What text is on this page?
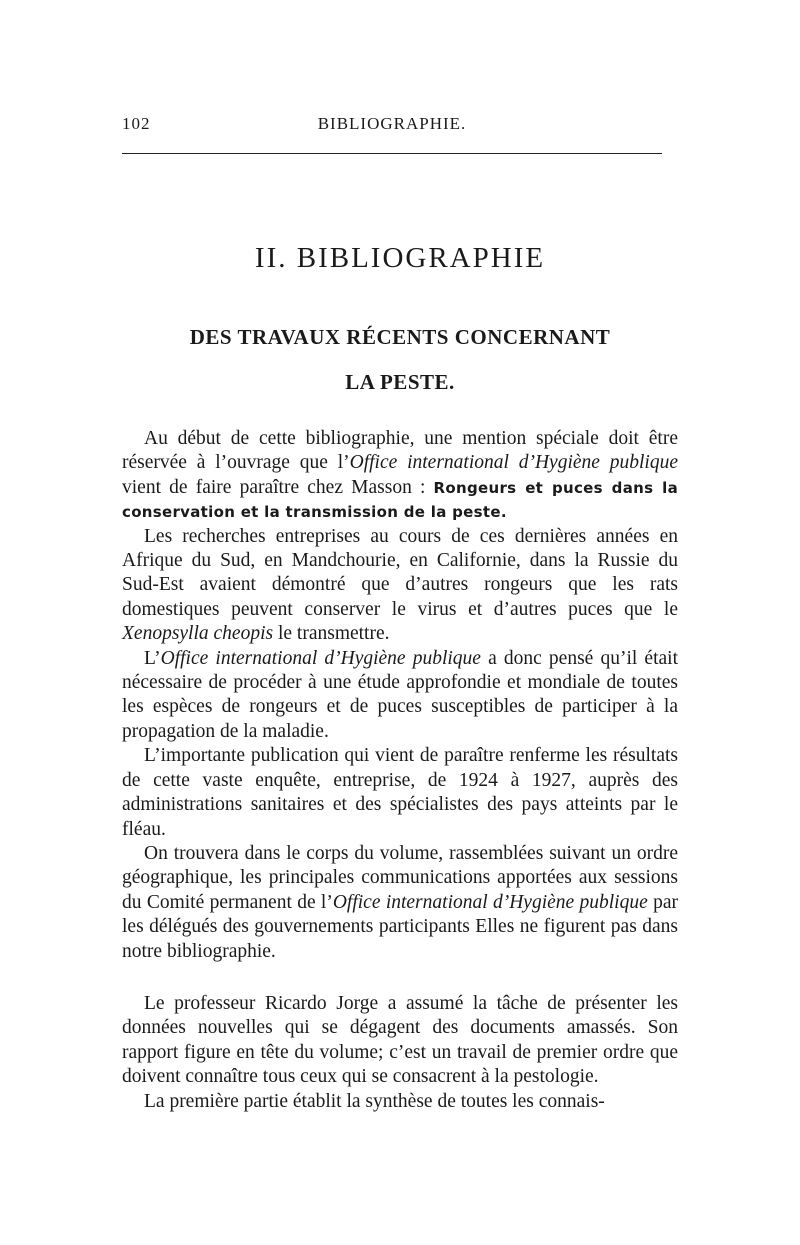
102	BIBLIOGRAPHIE.
II. BIBLIOGRAPHIE
DES TRAVAUX RÉCENTS CONCERNANT
LA PESTE.

Au début de cette bibliographie, une mention spéciale doit être réservée à l’ouvrage que l’Office international d’Hygiène publique vient de faire paraître chez Masson : Rongeurs et puces dans la conservation et la transmission de la peste.

Les recherches entreprises au cours de ces dernières années en Afrique du Sud, en Mandchourie, en Californie, dans la Russie du Sud-Est avaient démontré que d’autres rongeurs que les rats domestiques peuvent conserver le virus et d’autres puces que le Xenopsylla cheopis le transmettre.

L’Office international d’Hygiène publique a donc pensé qu’il était nécessaire de procéder à une étude approfondie et mondiale de toutes les espèces de rongeurs et de puces susceptibles de participer à la propagation de la maladie.

L’importante publication qui vient de paraître renferme les résultats de cette vaste enquête, entreprise, de 1924 à 1927, auprès des administrations sanitaires et des spécialistes des pays atteints par le fléau.

On trouvera dans le corps du volume, rassemblées suivant un ordre géographique, les principales communications apportées aux sessions du Comité permanent de l’Office international d’Hygiène publique par les délégués des gouvernements participants Elles ne figurent pas dans notre bibliographie.

Le professeur Ricardo Jorge a assumé la tâche de présenter les données nouvelles qui se dégagent des documents amassés. Son rapport figure en tête du volume; c’est un travail de premier ordre que doivent connaître tous ceux qui se consacrent à la pestologie.

La première partie établit la synthèse de toutes les connais-
